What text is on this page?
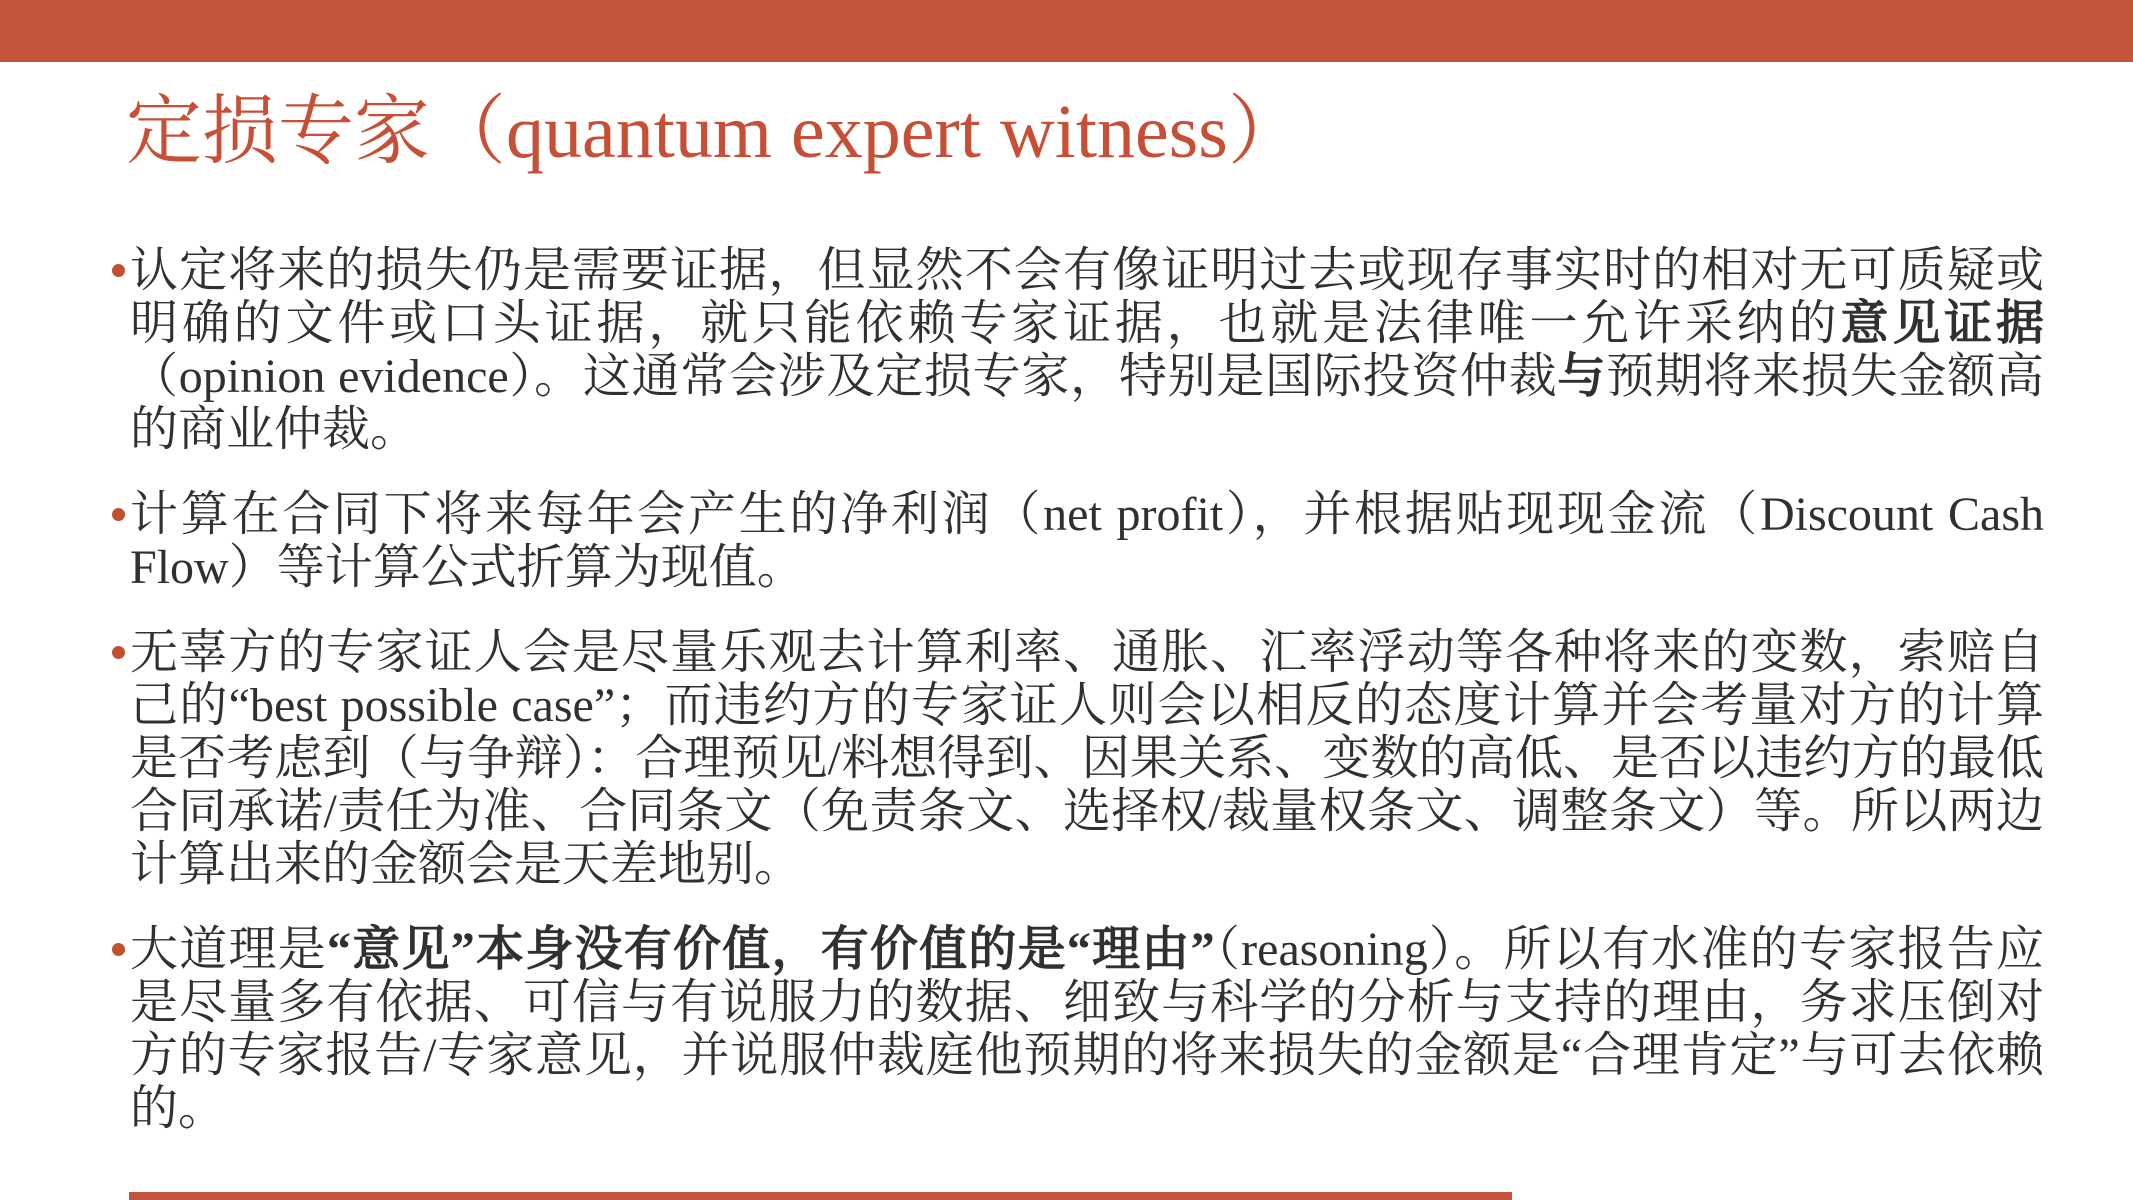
定损专家（quantum expert witness）
认定将来的损失仍是需要证据，但显然不会有像证明过去或现存事实时的相对无可质疑或明确的文件或口头证据，就只能依赖专家证据，也就是法律唯一允许采纳的意见证据（opinion evidence）。这通常会涉及定损专家，特别是国际投资仲裁与预期将来损失金额高的商业仲裁。
计算在合同下将来每年会产生的净利润（net profit），并根据贴现现金流（Discount Cash Flow）等计算公式折算为现值。
无辜方的专家证人会是尽量乐观去计算利率、通胀、汇率浮动等各种将来的变数，索赔自己的“best possible case”；而违约方的专家证人则会以相反的态度计算并会考量对方的计算是否考虑到（与争辩）：合理预见/料想得到、因果关系、变数的高低、是否以违约方的最低合同承诺/责任为准、合同条文（免责条文、选择权/裁量权条文、调整条文）等。所以两边计算出来的金额会是天差地别。
大道理是“意见”本身没有价值，有价值的是“理由”（reasoning）。所以有水准的专家报告应是尽量多有依据、可信与有说服力的数据、细致与科学的分析与支持的理由，务求压倒对方的专家报告/专家意见，并说服仲裁庭他预期的将来损失的金额是“合理肯定”与可去依赖的。
